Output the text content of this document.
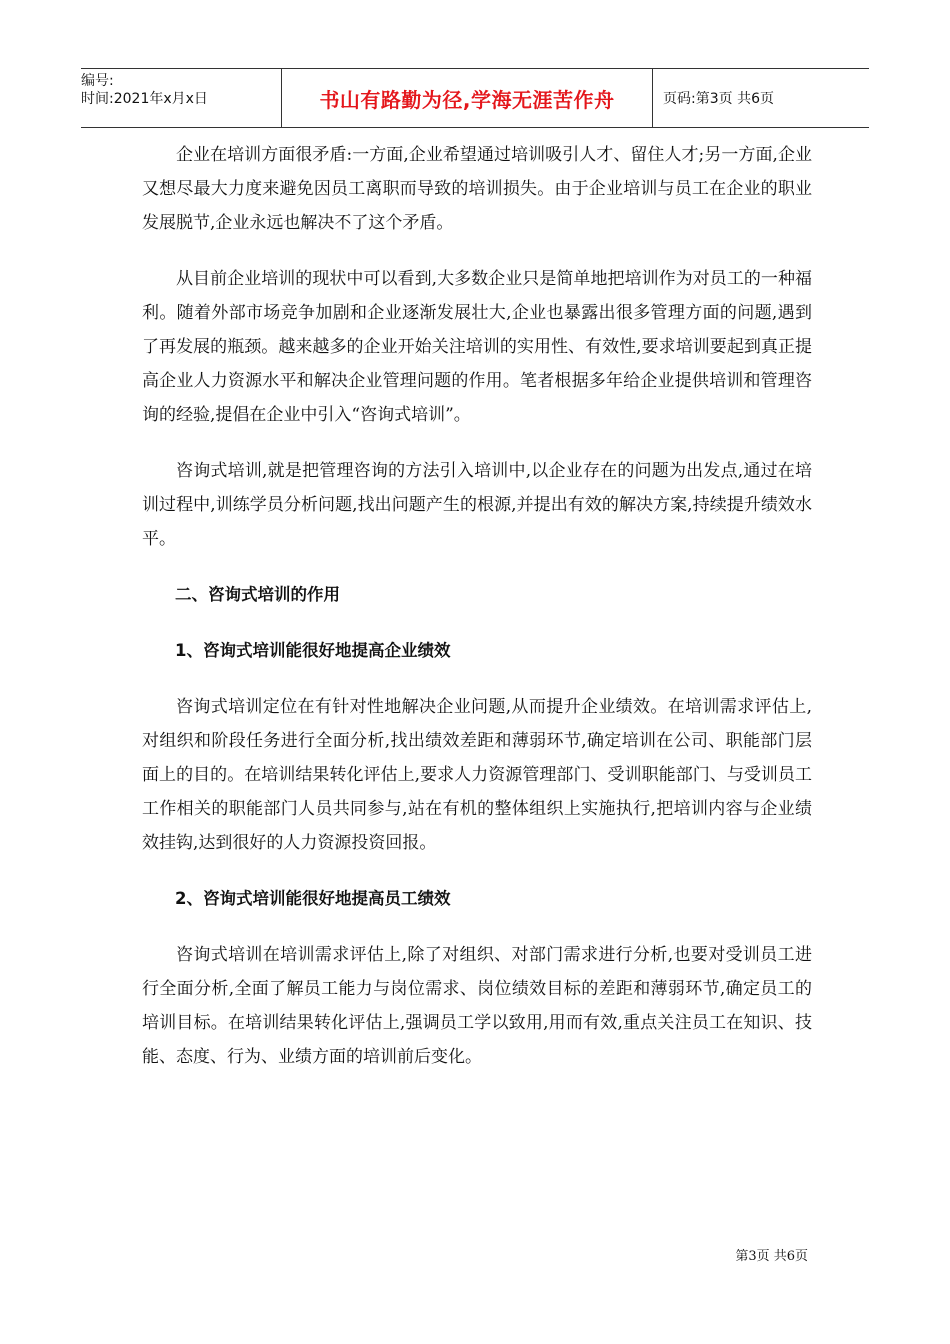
编号:
时间:2021年x月x日	书山有路勤为径,学海无涯苦作舟	页码:第3页 共6页

企业在培训方面很矛盾:一方面,企业希望通过培训吸引人才、留住人才;另一方面,企业又想尽最大力度来避免因员工离职而导致的培训损失。由于企业培训与员工在企业的职业发展脱节,企业永远也解决不了这个矛盾。

从目前企业培训的现状中可以看到,大多数企业只是简单地把培训作为对员工的一种福利。随着外部市场竞争加剧和企业逐渐发展壮大,企业也暴露出很多管理方面的问题,遇到了再发展的瓶颈。越来越多的企业开始关注培训的实用性、有效性,要求培训要起到真正提高企业人力资源水平和解决企业管理问题的作用。笔者根据多年给企业提供培训和管理咨询的经验,提倡在企业中引入“咨询式培训”。

咨询式培训,就是把管理咨询的方法引入培训中,以企业存在的问题为出发点,通过在培训过程中,训练学员分析问题,找出问题产生的根源,并提出有效的解决方案,持续提升绩效水平。

二、咨询式培训的作用
1、咨询式培训能很好地提高企业绩效

咨询式培训定位在有针对性地解决企业问题,从而提升企业绩效。在培训需求评估上,对组织和阶段任务进行全面分析,找出绩效差距和薄弱环节,确定培训在公司、职能部门层面上的目的。在培训结果转化评估上,要求人力资源管理部门、受训职能部门、与受训员工工作相关的职能部门人员共同参与,站在有机的整体组织上实施执行,把培训内容与企业绩效挂钩,达到很好的人力资源投资回报。

2、咨询式培训能很好地提高员工绩效

咨询式培训在培训需求评估上,除了对组织、对部门需求进行分析,也要对受训员工进行全面分析,全面了解员工能力与岗位需求、岗位绩效目标的差距和薄弱环节,确定员工的培训目标。在培训结果转化评估上,强调员工学以致用,用而有效,重点关注员工在知识、技能、态度、行为、业绩方面的培训前后变化。

第3页 共6页
